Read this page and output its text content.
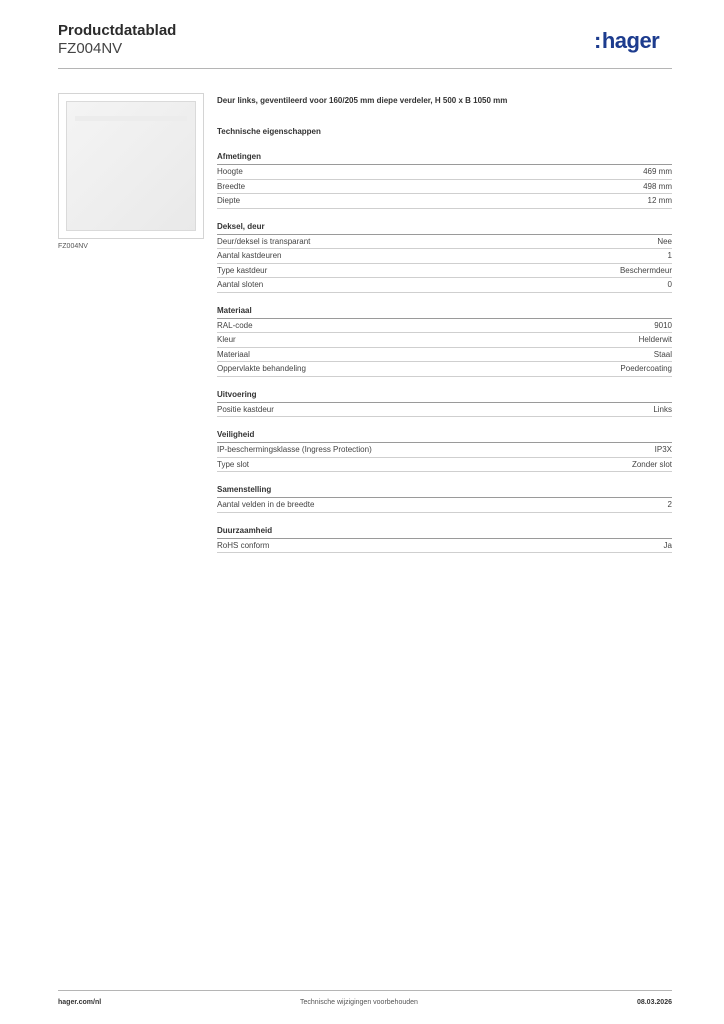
Productdatablad
FZ004NV	:hager
FZ004NV
Deur links, geventileerd voor 160/205 mm diepe verdeler, H 500 x B 1050 mm
Technische eigenschappen
Afmetingen
Hoogte	469 mm
Breedte	498 mm
Diepte	12 mm
Deksel, deur
Deur/deksel is transparant	Nee
Aantal kastdeuren	1
Type kastdeur	Beschermdeur
Aantal sloten	0
Materiaal
RAL-code	9010
Kleur	Helderwit
Materiaal	Staal
Oppervlakte behandeling	Poedercoating
Uitvoering
Positie kastdeur	Links
Veiligheid
IP-beschermingsklasse (Ingress Protection)	IP3X
Type slot	Zonder slot
Samenstelling
Aantal velden in de breedte	2
Duurzaamheid
RoHS conform	Ja
hager.com/nl	Technische wijzigingen voorbehouden	08.03.2026
